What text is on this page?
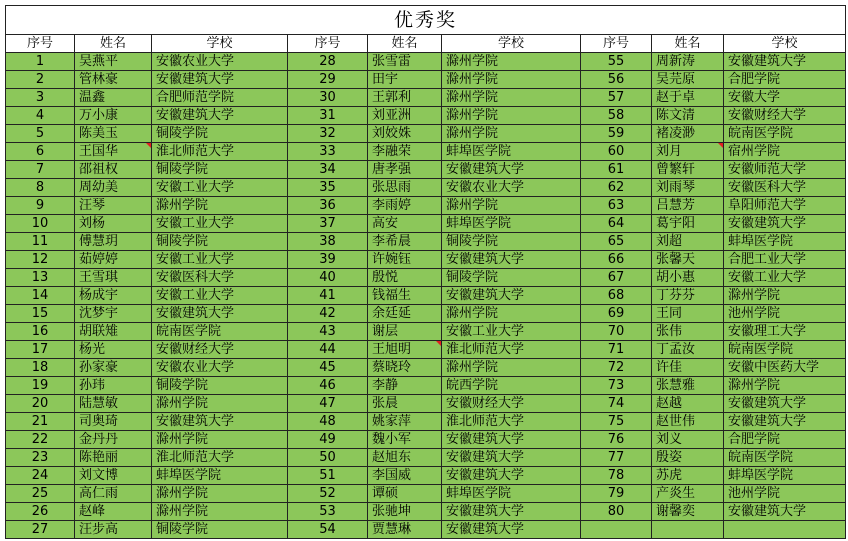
优秀奖								
序号	姓名	学校	序号	姓名	学校	序号	姓名	学校
1	吴燕平	安徽农业大学	28	张雪雷	滁州学院	55	周新涛	安徽建筑大学
2	管林豪	安徽建筑大学	29	田宇	滁州学院	56	吴芫原	合肥学院
3	温鑫	合肥师范学院	30	王郭利	滁州学院	57	赵于卓	安徽大学
4	万小康	安徽建筑大学	31	刘亚洲	滁州学院	58	陈文清	安徽财经大学
5	陈美玉	铜陵学院	32	刘姣姝	滁州学院	59	褚凌渺	皖南医学院
6	王国华	淮北师范大学	33	李融荣	蚌埠医学院	60	刘月	宿州学院
7	邵祖权	铜陵学院	34	唐孝强	安徽建筑大学	61	曾繁轩	安徽师范大学
8	周幼美	安徽工业大学	35	张思雨	安徽农业大学	62	刘雨琴	安徽医科大学
9	汪琴	滁州学院	36	李雨婷	滁州学院	63	吕慧芳	阜阳师范大学
10	刘杨	安徽工业大学	37	高安	蚌埠医学院	64	葛宇阳	安徽建筑大学
11	傅慧玥	铜陵学院	38	李希晨	铜陵学院	65	刘超	蚌埠医学院
12	茹婷婷	安徽工业大学	39	许婉钰	安徽建筑大学	66	张馨天	合肥工业大学
13	王雪琪	安徽医科大学	40	殷悦	铜陵学院	67	胡小惠	安徽工业大学
14	杨成宇	安徽工业大学	41	钱福生	安徽建筑大学	68	丁芬芬	滁州学院
15	沈梦宇	安徽建筑大学	42	余廷延	滁州学院	69	王同	池州学院
16	胡联雉	皖南医学院	43	谢层	安徽工业大学	70	张伟	安徽理工大学
17	杨光	安徽财经大学	44	王旭明	淮北师范大学	71	丁孟汝	皖南医学院
18	孙家豪	安徽农业大学	45	蔡晓玲	滁州学院	72	许佳	安徽中医药大学
19	孙玮	铜陵学院	46	李静	皖西学院	73	张慧雅	滁州学院
20	陆慧敏	滁州学院	47	张晨	安徽财经大学	74	赵越	安徽建筑大学
21	司奥琦	安徽建筑大学	48	姚家萍	淮北师范大学	75	赵世伟	安徽建筑大学
22	金丹丹	滁州学院	49	魏小军	安徽建筑大学	76	刘义	合肥学院
23	陈艳丽	淮北师范大学	50	赵旭东	安徽建筑大学	77	殷姿	皖南医学院
24	刘文博	蚌埠医学院	51	李国威	安徽建筑大学	78	苏虎	蚌埠医学院
25	高仁雨	滁州学院	52	谭硕	蚌埠医学院	79	产炎生	池州学院
26	赵峰	滁州学院	53	张驰坤	安徽建筑大学	80	谢馨奕	安徽建筑大学
27	汪步高	铜陵学院	54	贾慧琳	安徽建筑大学			
